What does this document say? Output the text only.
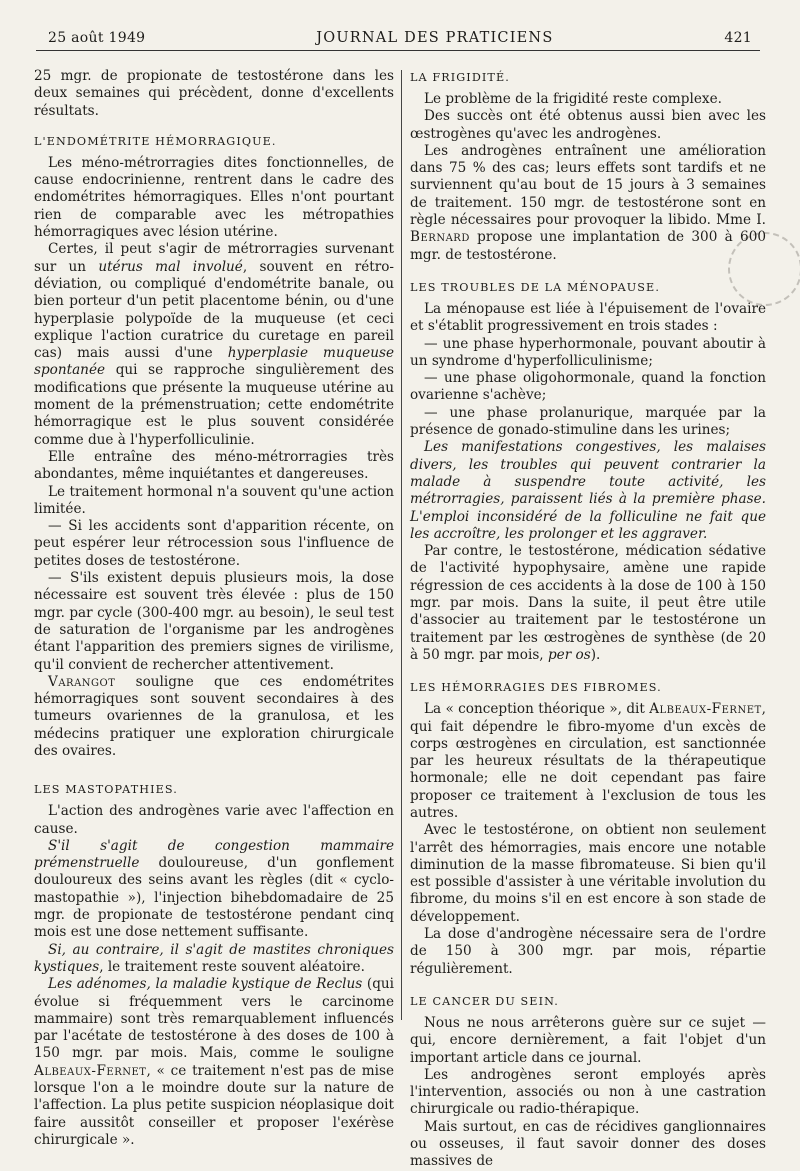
25 août 1949	JOURNAL DES PRATICIENS	421

25 mgr. de propionate de testostérone dans les deux semaines qui précèdent, donne d'excellents résultats.

L'ENDOMÉTRITE HÉMORRAGIQUE.

Les méno-métrorragies dites fonctionnelles, de cause endocrinienne, rentrent dans le cadre des endométrites hémorragiques. Elles n'ont pourtant rien de comparable avec les métropathies hémorragiques avec lésion utérine.

Certes, il peut s'agir de métrorragies survenant sur un utérus mal involué, souvent en rétro-déviation, ou compliqué d'endométrite banale, ou bien porteur d'un petit placentome bénin, ou d'une hyperplasie polypoïde de la muqueuse (et ceci explique l'action curatrice du curetage en pareil cas) mais aussi d'une hyperplasie muqueuse spontanée qui se rapproche singulièrement des modifications que présente la muqueuse utérine au moment de la prémenstruation; cette endométrite hémorragique est le plus souvent considérée comme due à l'hyperfolliculinie.

Elle entraîne des méno-métrorragies très abondantes, même inquiétantes et dangereuses.

Le traitement hormonal n'a souvent qu'une action limitée.

— Si les accidents sont d'apparition récente, on peut espérer leur rétrocession sous l'influence de petites doses de testostérone.

— S'ils existent depuis plusieurs mois, la dose nécessaire est souvent très élevée : plus de 150 mgr. par cycle (300-400 mgr. au besoin), le seul test de saturation de l'organisme par les androgènes étant l'apparition des premiers signes de virilisme, qu'il convient de rechercher attentivement.

Varangot souligne que ces endométrites hémorragiques sont souvent secondaires à des tumeurs ovariennes de la granulosa, et les médecins pratiquer une exploration chirurgicale des ovaires.

LES MASTOPATHIES.

L'action des androgènes varie avec l'affection en cause.

S'il s'agit de congestion mammaire prémenstruelle douloureuse, d'un gonflement douloureux des seins avant les règles (dit « cyclo-mastopathie »), l'injection bihebdomadaire de 25 mgr. de propionate de testostérone pendant cinq mois est une dose nettement suffisante.

Si, au contraire, il s'agit de mastites chroniques kystiques, le traitement reste souvent aléatoire.

Les adénomes, la maladie kystique de Reclus (qui évolue si fréquemment vers le carcinome mammaire) sont très remarquablement influencés par l'acétate de testostérone à des doses de 100 à 150 mgr. par mois. Mais, comme le souligne Albeaux-Fernet, « ce traitement n'est pas de mise lorsque l'on a le moindre doute sur la nature de l'affection. La plus petite suspicion néoplasique doit faire aussitôt conseiller et proposer l'exérèse chirurgicale ».

LA FRIGIDITÉ.

Le problème de la frigidité reste complexe.

Des succès ont été obtenus aussi bien avec les œstrogènes qu'avec les androgènes.

Les androgènes entraînent une amélioration dans 75 % des cas; leurs effets sont tardifs et ne surviennent qu'au bout de 15 jours à 3 semaines de traitement. 150 mgr. de testostérone sont en règle nécessaires pour provoquer la libido. Mme I. Bernard propose une implantation de 300 à 600 mgr. de testostérone.

LES TROUBLES DE LA MÉNOPAUSE.

La ménopause est liée à l'épuisement de l'ovaire et s'établit progressivement en trois stades :

— une phase hyperhormonale, pouvant aboutir à un syndrome d'hyperfolliculinisme;

— une phase oligohormonale, quand la fonction ovarienne s'achève;

— une phase prolanurique, marquée par la présence de gonado-stimuline dans les urines;

Les manifestations congestives, les malaises divers, les troubles qui peuvent contrarier la malade à suspendre toute activité, les métrorragies, paraissent liés à la première phase. L'emploi inconsidéré de la folliculine ne fait que les accroître, les prolonger et les aggraver.

Par contre, le testostérone, médication sédative de l'activité hypophysaire, amène une rapide régression de ces accidents à la dose de 100 à 150 mgr. par mois. Dans la suite, il peut être utile d'associer au traitement par le testostérone un traitement par les œstrogènes de synthèse (de 20 à 50 mgr. par mois, per os).

LES HÉMORRAGIES DES FIBROMES.

La « conception théorique », dit Albeaux-Fernet, qui fait dépendre le fibro-myome d'un excès de corps œstrogènes en circulation, est sanctionnée par les heureux résultats de la thérapeutique hormonale; elle ne doit cependant pas faire proposer ce traitement à l'exclusion de tous les autres.

Avec le testostérone, on obtient non seulement l'arrêt des hémorragies, mais encore une notable diminution de la masse fibromateuse. Si bien qu'il est possible d'assister à une véritable involution du fibrome, du moins s'il en est encore à son stade de développement.

La dose d'androgène nécessaire sera de l'ordre de 150 à 300 mgr. par mois, répartie régulièrement.

LE CANCER DU SEIN.

Nous ne nous arrêterons guère sur ce sujet — qui, encore dernièrement, a fait l'objet d'un important article dans ce journal.

Les androgènes seront employés après l'intervention, associés ou non à une castration chirurgicale ou radio-thérapique.

Mais surtout, en cas de récidives ganglionnaires ou osseuses, il faut savoir donner des doses massives de
